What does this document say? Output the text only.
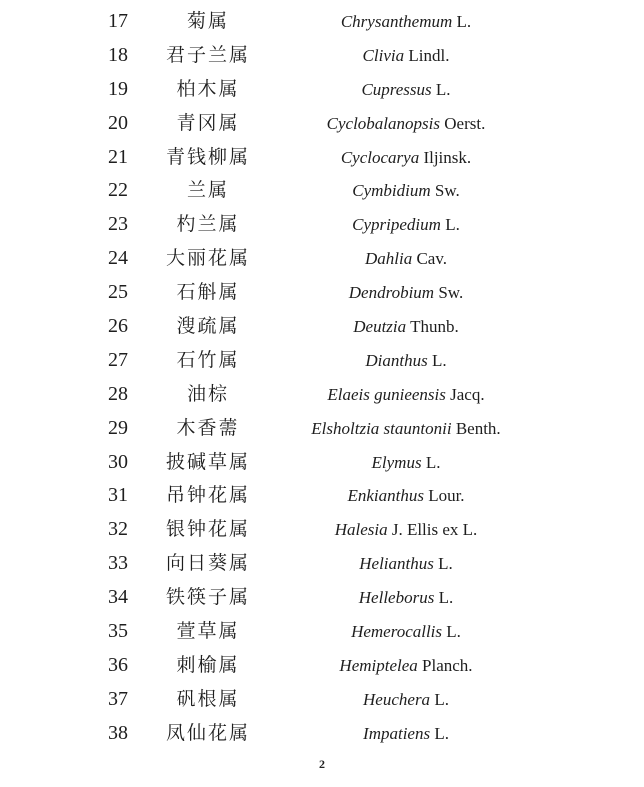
17	菊属	Chrysanthemum L.
18	君子兰属	Clivia Lindl.
19	柏木属	Cupressus L.
20	青冈属	Cyclobalanopsis Oerst.
21	青钱柳属	Cyclocarya Iljinsk.
22	兰属	Cymbidium Sw.
23	杓兰属	Cypripedium L.
24	大丽花属	Dahlia Cav.
25	石斛属	Dendrobium Sw.
26	溲疏属	Deutzia Thunb.
27	石竹属	Dianthus L.
28	油棕	Elaeis gunieensis Jacq.
29	木香薷	Elsholtzia stauntonii Benth.
30	披碱草属	Elymus L.
31	吊钟花属	Enkianthus Lour.
32	银钟花属	Halesia J. Ellis ex L.
33	向日葵属	Helianthus L.
34	铁筷子属	Helleborus L.
35	萱草属	Hemerocallis L.
36	刺榆属	Hemiptelea Planch.
37	矾根属	Heuchera L.
38	凤仙花属	Impatiens L.
2
